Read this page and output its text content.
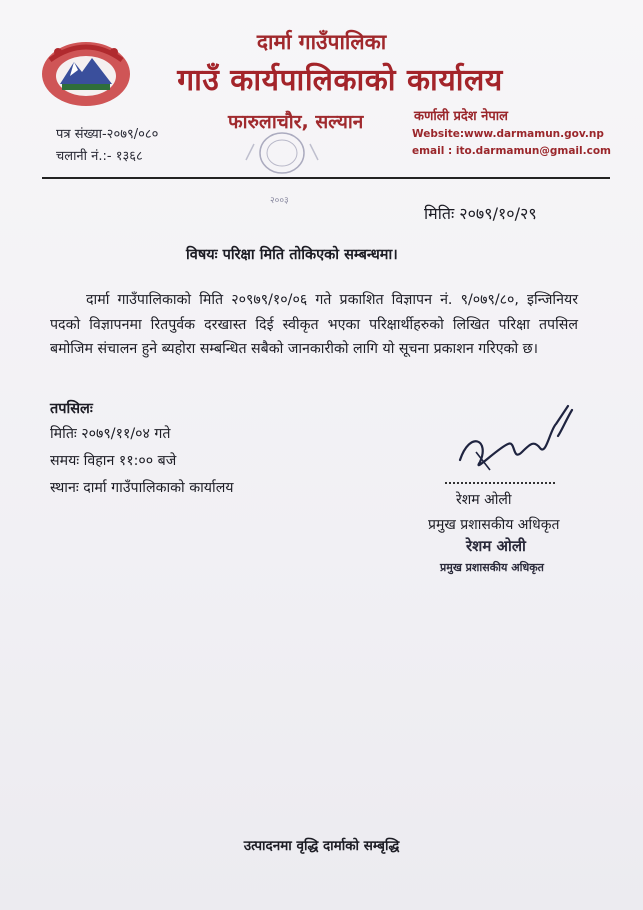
दार्मा गाउँपालिका
गाउँ कार्यपालिकाको कार्यालय
फारुलाचौर, सल्यान	कर्णाली प्रदेश नेपाल
Website:www.darmamun.gov.np
email : ito.darmamun@gmail.com
पत्र संख्या-२०७९/०८०
चलानी नं.:- १३६८
२००३
मितिः २०७९/१०/२९
विषयः परिक्षा मिति तोकिएको सम्बन्धमा।
दार्मा गाउँपालिकाको मिति २०९७९/१०/०६ गते प्रकाशित विज्ञापन नं. ९/०७९/८०, इन्जिनियर पदको विज्ञापनमा रितपुर्वक दरखास्त दिई स्वीकृत भएका परिक्षार्थीहरुको लिखित परिक्षा तपसिल बमोजिम संचालन हुने ब्यहोरा सम्बन्धित सबैको जानकारीको लागि यो सूचना प्रकाशन गरिएको छ।
तपसिलः
मितिः २०७९/११/०४ गते
समयः विहान ११:०० बजे
स्थानः दार्मा गाउँपालिकाको कार्यालय
रेशम ओली
प्रमुख प्रशासकीय अधिकृत
रेशम ओली
प्रमुख प्रशासकीय अधिकृत
उत्पादनमा वृद्धि दार्माको सम्बृद्धि
